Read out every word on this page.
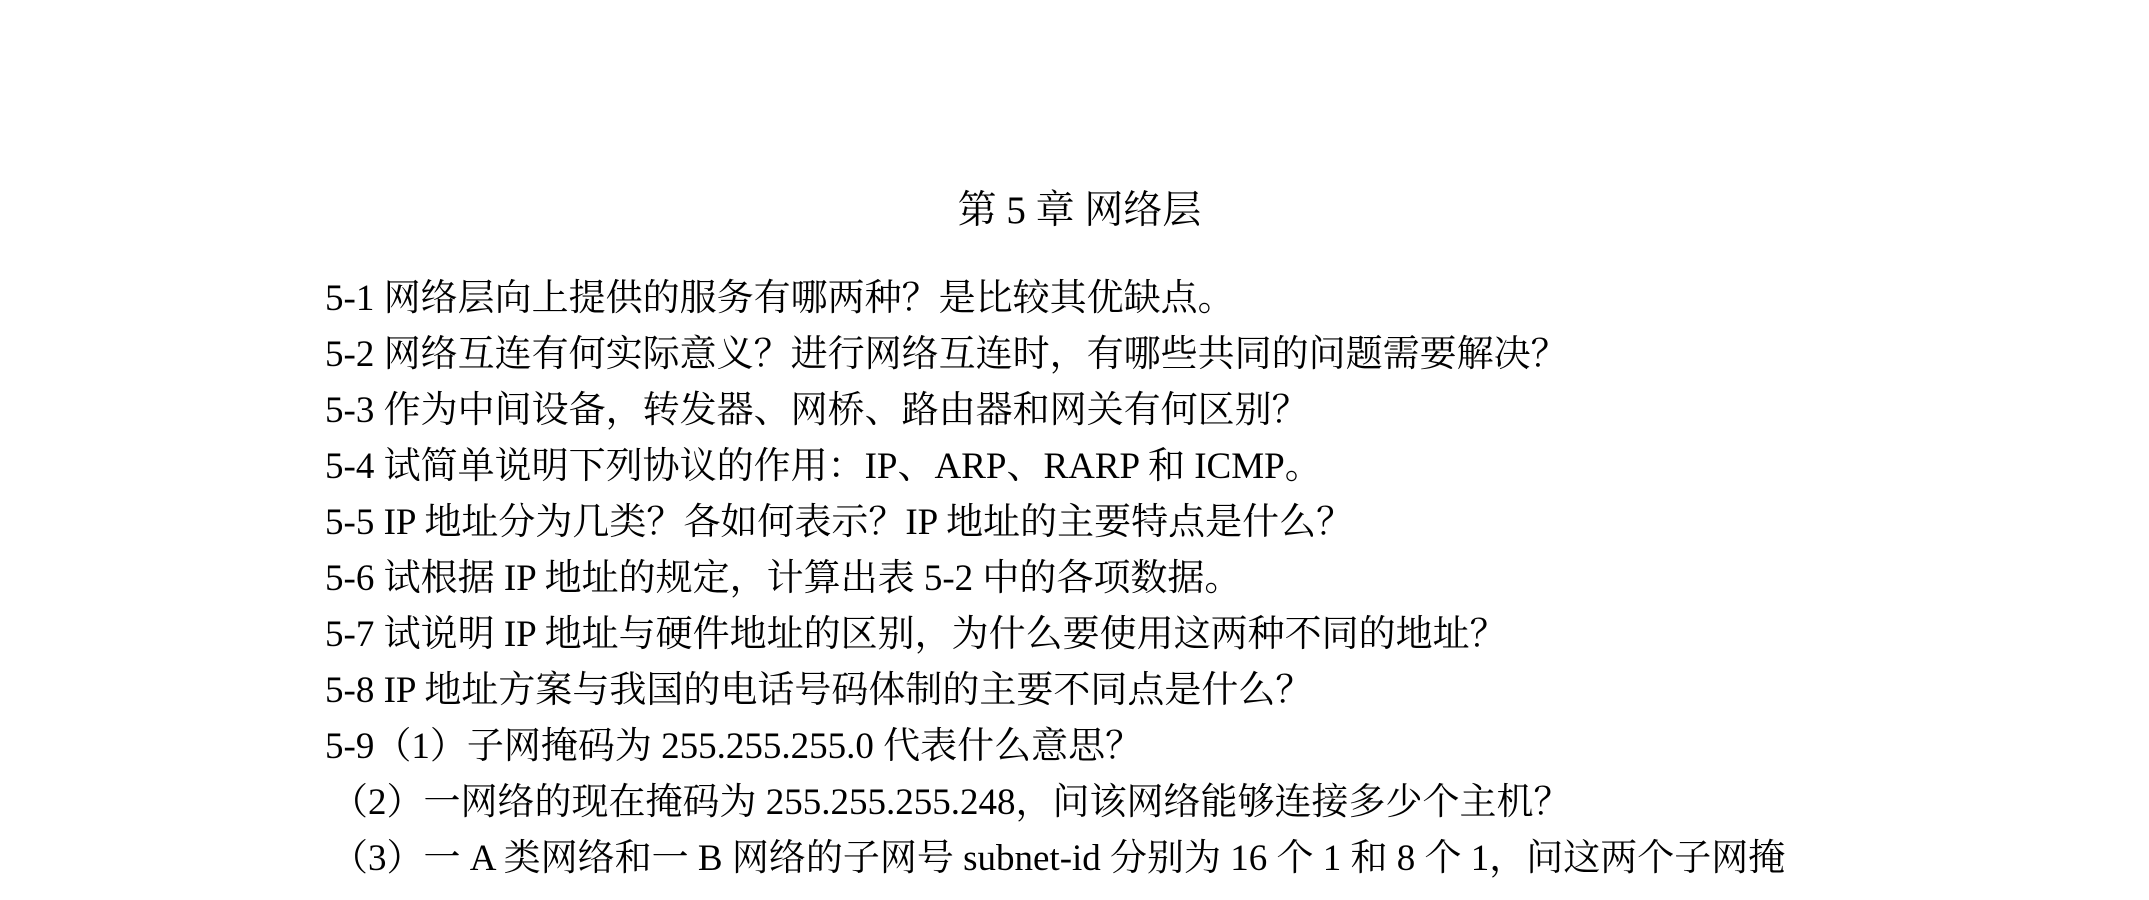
第 5 章 网络层
5-1 网络层向上提供的服务有哪两种？是比较其优缺点。
5-2 网络互连有何实际意义？进行网络互连时，有哪些共同的问题需要解决？
5-3 作为中间设备，转发器、网桥、路由器和网关有何区别？
5-4 试简单说明下列协议的作用：IP、ARP、RARP 和 ICMP。
5-5 IP 地址分为几类？各如何表示？IP 地址的主要特点是什么？
5-6 试根据 IP 地址的规定，计算出表 5-2 中的各项数据。
5-7 试说明 IP 地址与硬件地址的区别，为什么要使用这两种不同的地址？
5-8 IP 地址方案与我国的电话号码体制的主要不同点是什么？
5-9（1）子网掩码为 255.255.255.0 代表什么意思？
（2）一网络的现在掩码为 255.255.255.248，问该网络能够连接多少个主机？
（3）一 A 类网络和一 B 网络的子网号 subnet-id 分别为 16 个 1 和 8 个 1，问这两个子网掩
